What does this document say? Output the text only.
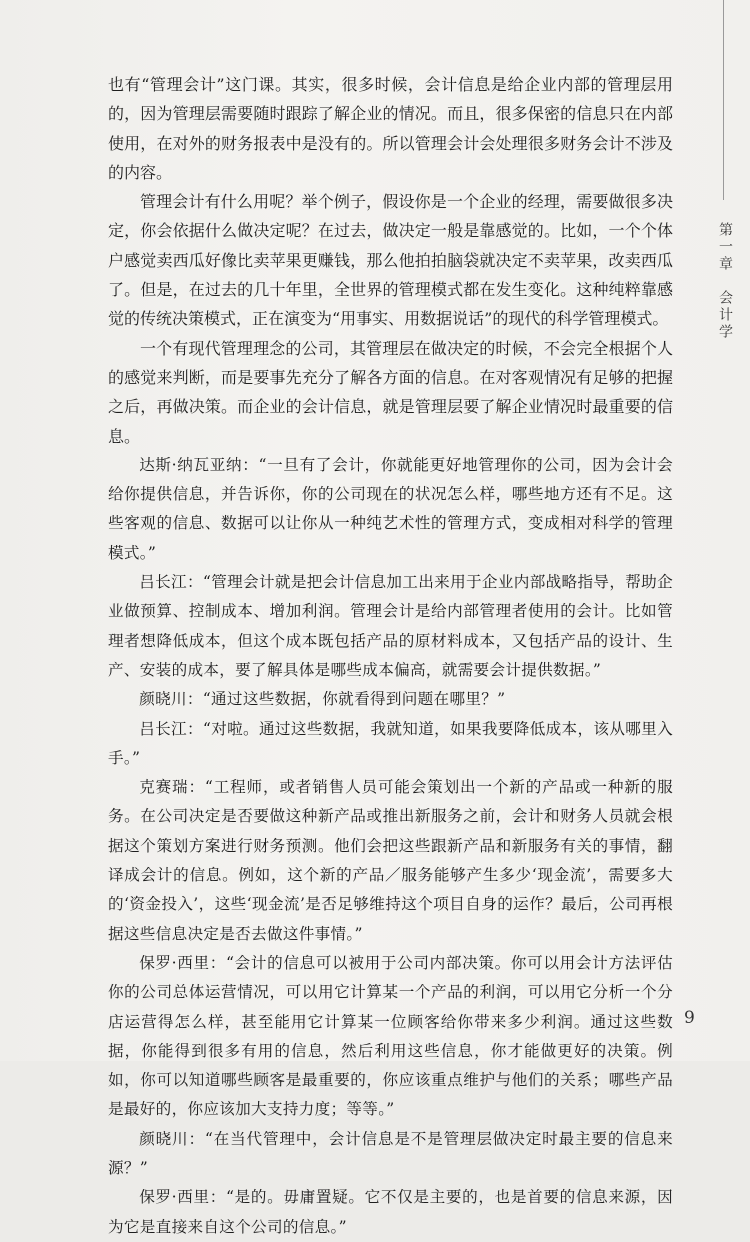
也有“管理会计”这门课。其实，很多时候，会计信息是给企业内部的管理层用的，因为管理层需要随时跟踪了解企业的情况。而且，很多保密的信息只在内部使用，在对外的财务报表中是没有的。所以管理会计会处理很多财务会计不涉及的内容。

管理会计有什么用呢？举个例子，假设你是一个企业的经理，需要做很多决定，你会依据什么做决定呢？在过去，做决定一般是靠感觉的。比如，一个个体户感觉卖西瓜好像比卖苹果更赚钱，那么他拍拍脑袋就决定不卖苹果，改卖西瓜了。但是，在过去的几十年里，全世界的管理模式都在发生变化。这种纯粹靠感觉的传统决策模式，正在演变为“用事实、用数据说话”的现代的科学管理模式。

一个有现代管理理念的公司，其管理层在做决定的时候，不会完全根据个人的感觉来判断，而是要事先充分了解各方面的信息。在对客观情况有足够的把握之后，再做决策。而企业的会计信息，就是管理层要了解企业情况时最重要的信息。

达斯·纳瓦亚纳：“一旦有了会计，你就能更好地管理你的公司，因为会计会给你提供信息，并告诉你，你的公司现在的状况怎么样，哪些地方还有不足。这些客观的信息、数据可以让你从一种纯艺术性的管理方式，变成相对科学的管理模式。”

吕长江：“管理会计就是把会计信息加工出来用于企业内部战略指导，帮助企业做预算、控制成本、增加利润。管理会计是给内部管理者使用的会计。比如管理者想降低成本，但这个成本既包括产品的原材料成本，又包括产品的设计、生产、安装的成本，要了解具体是哪些成本偏高，就需要会计提供数据。”

颜晓川：“通过这些数据，你就看得到问题在哪里？”

吕长江：“对啦。通过这些数据，我就知道，如果我要降低成本，该从哪里入手。”

克赛瑞：“工程师，或者销售人员可能会策划出一个新的产品或一种新的服务。在公司决定是否要做这种新产品或推出新服务之前，会计和财务人员就会根据这个策划方案进行财务预测。他们会把这些跟新产品和新服务有关的事情，翻译成会计的信息。例如，这个新的产品／服务能够产生多少‘现金流’，需要多大的‘资金投入’，这些‘现金流’是否足够维持这个项目自身的运作？最后，公司再根据这些信息决定是否去做这件事情。”

保罗·西里：“会计的信息可以被用于公司内部决策。你可以用会计方法评估你的公司总体运营情况，可以用它计算某一个产品的利润，可以用它分析一个分店运营得怎么样，甚至能用它计算某一位顾客给你带来多少利润。通过这些数据，你能得到很多有用的信息，然后利用这些信息，你才能做更好的决策。例如，你可以知道哪些顾客是最重要的，你应该重点维护与他们的关系；哪些产品是最好的，你应该加大支持力度；等等。”

颜晓川：“在当代管理中，会计信息是不是管理层做决定时最主要的信息来源？”

保罗·西里：“是的。毋庸置疑。它不仅是主要的，也是首要的信息来源，因为它是直接来自这个公司的信息。”

第一章 会计学
9
